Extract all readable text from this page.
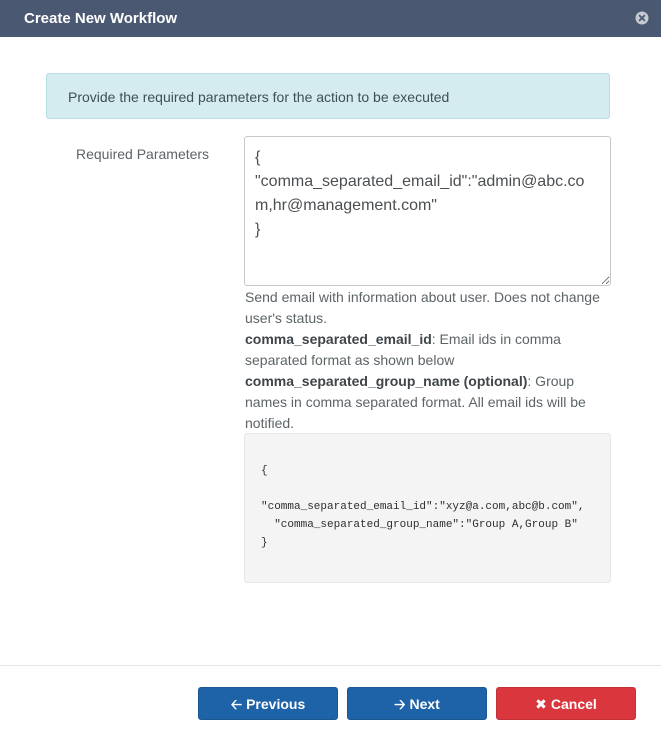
Create New Workflow
Provide the required parameters for the action to be executed
Required Parameters
{ "comma_separated_email_id":"admin@abc.com,hr@management.com" }
Send email with information about user. Does not change user's status.
comma_separated_email_id: Email ids in comma separated format as shown below
comma_separated_group_name (optional): Group names in comma separated format. All email ids will be notified.
{

"comma_separated_email_id":"xyz@a.com,abc@b.com",
"comma_separated_group_name":"Group A,Group B"
}
🡠 Previous	🡢 Next	✖ Cancel
